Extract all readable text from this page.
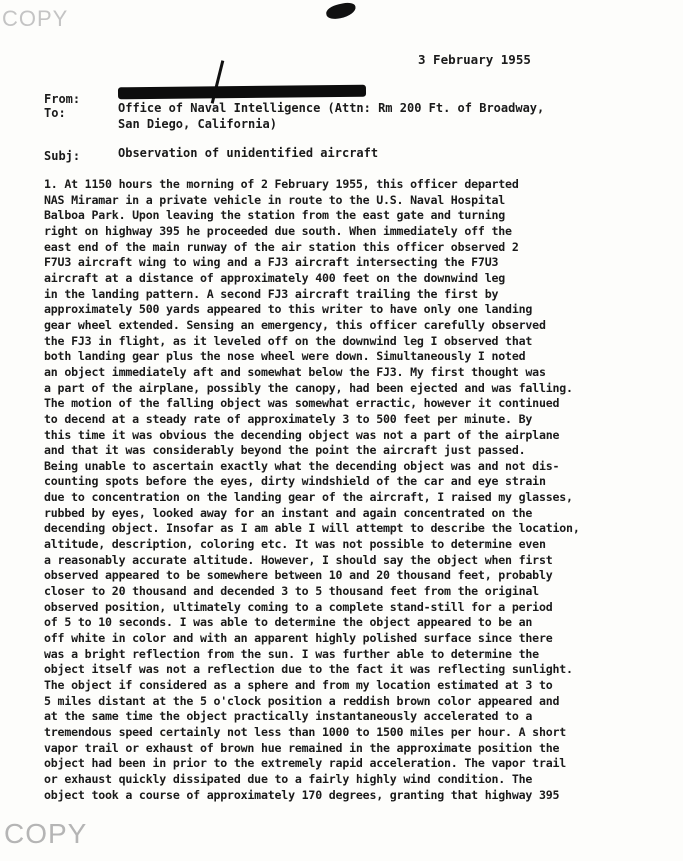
COPY
3 February 1955
From:
To:	Office of Naval Intelligence (Attn: Rm 200 Ft. of Broadway,
San Diego, California)
Subj:	Observation of unidentified aircraft
1. At 1150 hours the morning of 2 February 1955, this officer departed
NAS Miramar in a private vehicle in route to the U.S. Naval Hospital
Balboa Park. Upon leaving the station from the east gate and turning
right on highway 395 he proceeded due south. When immediately off the
east end of the main runway of the air station this officer observed 2
F7U3 aircraft wing to wing and a FJ3 aircraft intersecting the F7U3
aircraft at a distance of approximately 400 feet on the downwind leg
in the landing pattern. A second FJ3 aircraft trailing the first by
approximately 500 yards appeared to this writer to have only one landing
gear wheel extended. Sensing an emergency, this officer carefully observed
the FJ3 in flight, as it leveled off on the downwind leg I observed that
both landing gear plus the nose wheel were down. Simultaneously I noted
an object immediately aft and somewhat below the FJ3. My first thought was
a part of the airplane, possibly the canopy, had been ejected and was falling.
The motion of the falling object was somewhat erractic, however it continued
to decend at a steady rate of approximately 3 to 500 feet per minute. By
this time it was obvious the decending object was not a part of the airplane
and that it was considerably beyond the point the aircraft just passed.
Being unable to ascertain exactly what the decending object was and not dis-
counting spots before the eyes, dirty windshield of the car and eye strain
due to concentration on the landing gear of the aircraft, I raised my glasses,
rubbed by eyes, looked away for an instant and again concentrated on the
decending object. Insofar as I am able I will attempt to describe the location,
altitude, description, coloring etc. It was not possible to determine even
a reasonably accurate altitude. However, I should say the object when first
observed appeared to be somewhere between 10 and 20 thousand feet, probably
closer to 20 thousand and decended 3 to 5 thousand feet from the original
observed position, ultimately coming to a complete stand-still for a period
of 5 to 10 seconds. I was able to determine the object appeared to be an
off white in color and with an apparent highly polished surface since there
was a bright reflection from the sun. I was further able to determine the
object itself was not a reflection due to the fact it was reflecting sunlight.
The object if considered as a sphere and from my location estimated at 3 to
5 miles distant at the 5 o'clock position a reddish brown color appeared and
at the same time the object practically instantaneously accelerated to a
tremendous speed certainly not less than 1000 to 1500 miles per hour. A short
vapor trail or exhaust of brown hue remained in the approximate position the
object had been in prior to the extremely rapid acceleration. The vapor trail
or exhaust quickly dissipated due to a fairly highly wind condition. The
object took a course of approximately 170 degrees, granting that highway 395
COPY
